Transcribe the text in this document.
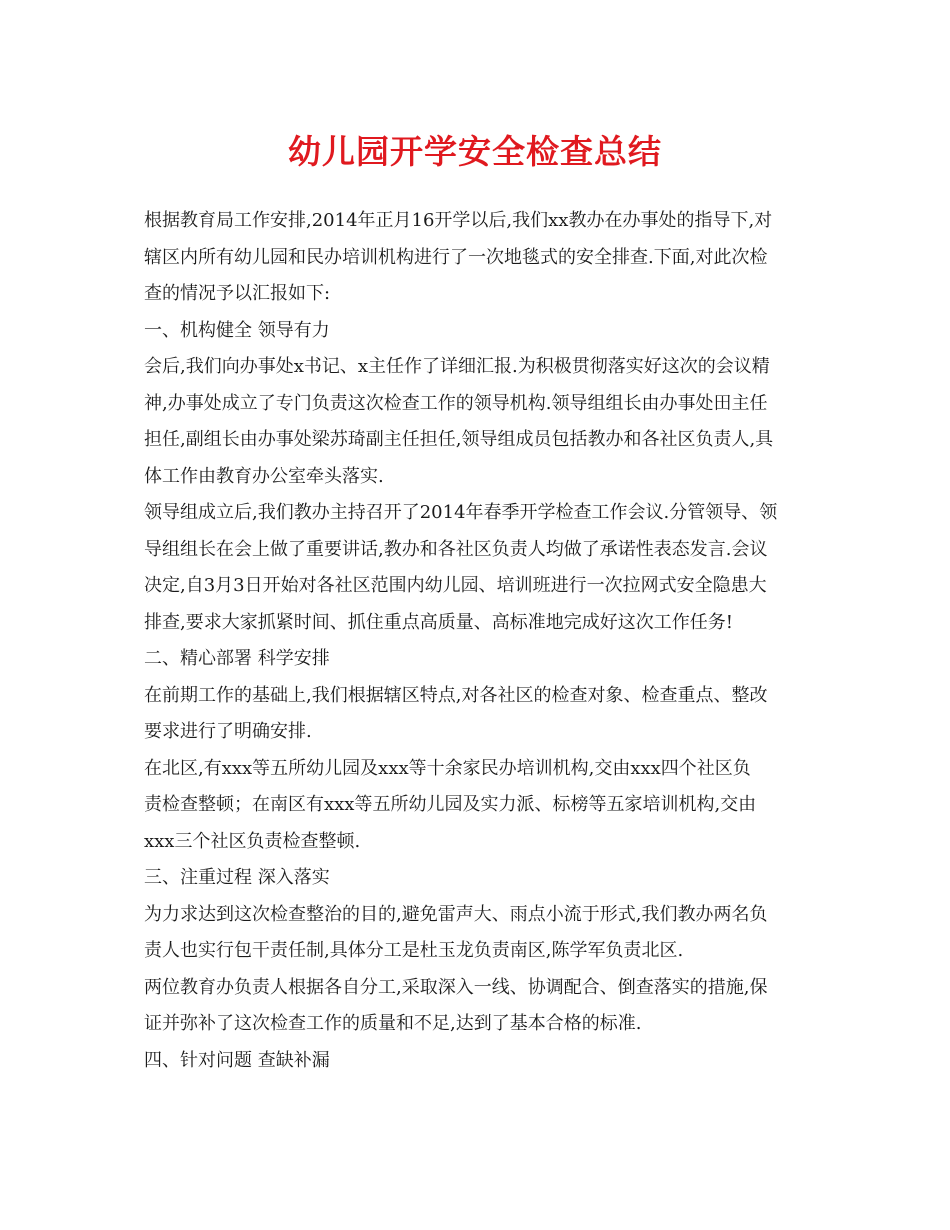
幼儿园开学安全检查总结
根据教育局工作安排,2014年正月16开学以后,我们xx教办在办事处的指导下,对
辖区内所有幼儿园和民办培训机构进行了一次地毯式的安全排查.下面,对此次检
查的情况予以汇报如下:
一、机构健全 领导有力
会后,我们向办事处x书记、x主任作了详细汇报.为积极贯彻落实好这次的会议精
神,办事处成立了专门负责这次检查工作的领导机构.领导组组长由办事处田主任
担任,副组长由办事处梁苏琦副主任担任,领导组成员包括教办和各社区负责人,具
体工作由教育办公室牵头落实.
领导组成立后,我们教办主持召开了2014年春季开学检查工作会议.分管领导、领
导组组长在会上做了重要讲话,教办和各社区负责人均做了承诺性表态发言.会议
决定,自3月3日开始对各社区范围内幼儿园、培训班进行一次拉网式安全隐患大
排查,要求大家抓紧时间、抓住重点高质量、高标准地完成好这次工作任务!
二、精心部署 科学安排
在前期工作的基础上,我们根据辖区特点,对各社区的检查对象、检查重点、整改
要求进行了明确安排.
在北区,有xxx等五所幼儿园及xxx等十余家民办培训机构,交由xxx四个社区负
责检查整顿；在南区有xxx等五所幼儿园及实力派、标榜等五家培训机构,交由
xxx三个社区负责检查整顿.
三、注重过程 深入落实
为力求达到这次检查整治的目的,避免雷声大、雨点小流于形式,我们教办两名负
责人也实行包干责任制,具体分工是杜玉龙负责南区,陈学军负责北区.
两位教育办负责人根据各自分工,采取深入一线、协调配合、倒查落实的措施,保
证并弥补了这次检查工作的质量和不足,达到了基本合格的标准.
四、针对问题 查缺补漏
